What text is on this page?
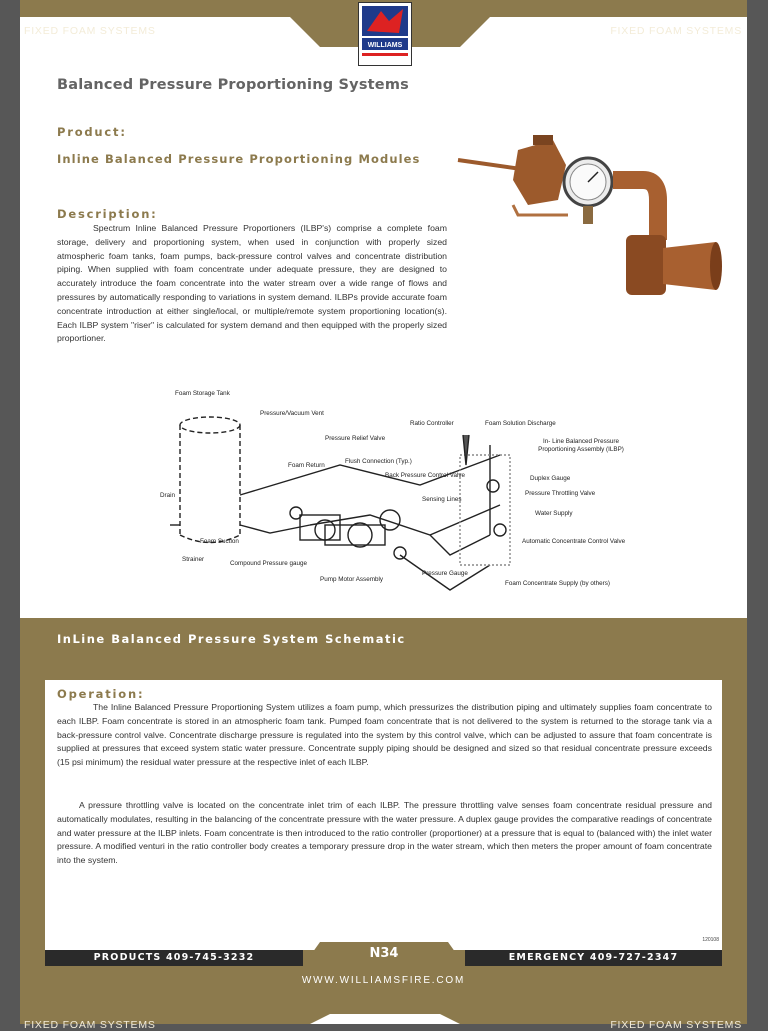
FIXED FOAM SYSTEMS	FIXED FOAM SYSTEMS
WILLIAMS
Balanced Pressure Proportioning Systems
Product:
Inline Balanced Pressure Proportioning Modules
Description:
Spectrum Inline Balanced Pressure Proportioners (ILBP's) comprise a complete foam storage, delivery and proportioning system, when used in conjunction with properly sized atmospheric foam tanks, foam pumps, back-pressure control valves and concentrate distribution piping. When supplied with foam concentrate under adequate pressure, they are designed to accurately introduce the foam concentrate into the water stream over a wide range of flows and pressures by automatically responding to variations in system demand. ILBPs provide accurate foam concentrate introduction at either single/local, or multiple/remote system proportioning location(s). Each ILBP system "riser" is calculated for system demand and then equipped with the properly sized proportioner.
Foam Storage Tank
Pressure/Vacuum Vent
Pressure Relief Valve
Ratio Controller	Foam Solution Discharge
Foam Return
Flush Connection (Typ.)
Back Pressure Control Valve	Duplex Gauge
Pressure Throttling Valve
Sensing Lines
Drain
Water Supply
Foam Suction
Strainer
Compound Pressure gauge
Pressure Gauge
Pump Motor Assembly
Foam Concentrate Supply (by others)
Automatic Concentrate Control Valve
In- Line Balanced Pressure Proportioning Assembly (ILBP)
InLine Balanced Pressure System Schematic
Operation:
The Inline Balanced Pressure Proportioning System utilizes a foam pump, which pressurizes the distribution piping and ultimately supplies foam concentrate to each ILBP. Foam concentrate is stored in an atmospheric foam tank. Pumped foam concentrate that is not delivered to the system is returned to the storage tank via a back-pressure control valve. Concentrate discharge pressure is regulated into the system by this control valve, which can be adjusted to assure that foam concentrate is supplied at pressures that exceed system static water pressure. Concentrate supply piping should be designed and sized so that residual concentrate pressure exceeds (15 psi minimum) the residual water pressure at the respective inlet of each ILBP.
A pressure throttling valve is located on the concentrate inlet trim of each ILBP. The pressure throttling valve senses foam concentrate residual pressure and automatically modulates, resulting in the balancing of the concentrate pressure with the water pressure. A duplex gauge provides the comparative readings of concentrate and water pressure at the ILBP inlets. Foam concentrate is then introduced to the ratio controller (proportioner) at a pressure that is equal to (balanced with) the inlet water pressure. A modified venturi in the ratio controller body creates a temporary pressure drop in the water stream, which then meters the proper amount of foam concentrate into the system.
120108
PRODUCTS 409-745-3232	EMERGENCY 409-727-2347
N34
WWW.WILLIAMSFIRE.COM
FIXED FOAM SYSTEMS	FIXED FOAM SYSTEMS
